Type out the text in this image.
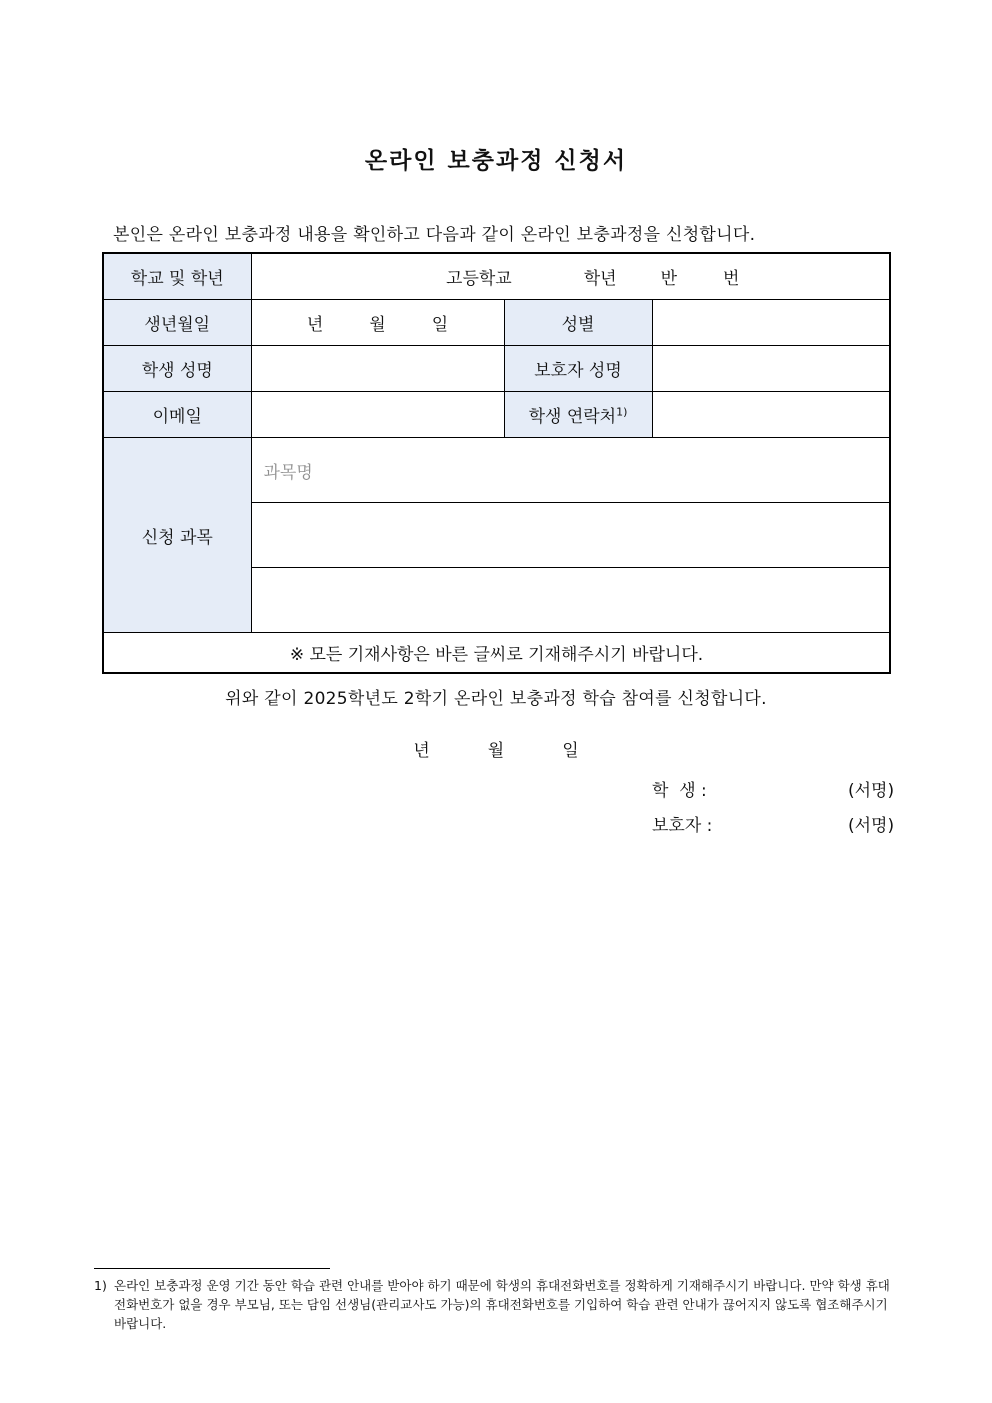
온라인 보충과정 신청서
본인은 온라인 보충과정 내용을 확인하고 다음과 같이 온라인 보충과정을 신청합니다.
학교 및 학년	고등학교 학년 반 번		
생년월일	년 월 일	성별	
학생 성명		보호자 성명	
이메일		학생 연락처$^{1)}$	
신청 과목	과목명		

※ 모든 기재사항은 바른 글씨로 기재해주시기 바랍니다.			
위와 같이 2025학년도 2학기 온라인 보충과정 학습 참여를 신청합니다.
년	월	일
학  생 :	(서명)
보호자 :	(서명)
1) 온라인 보충과정 운영 기간 동안 학습 관련 안내를 받아야 하기 때문에 학생의 휴대전화번호를 정확하게 기재해주시기 바랍니다. 만약 학생 휴대전화번호가 없을 경우 부모님, 또는 담임 선생님(관리교사도 가능)의 휴대전화번호를 기입하여 학습 관련 안내가 끊어지지 않도록 협조해주시기 바랍니다.
